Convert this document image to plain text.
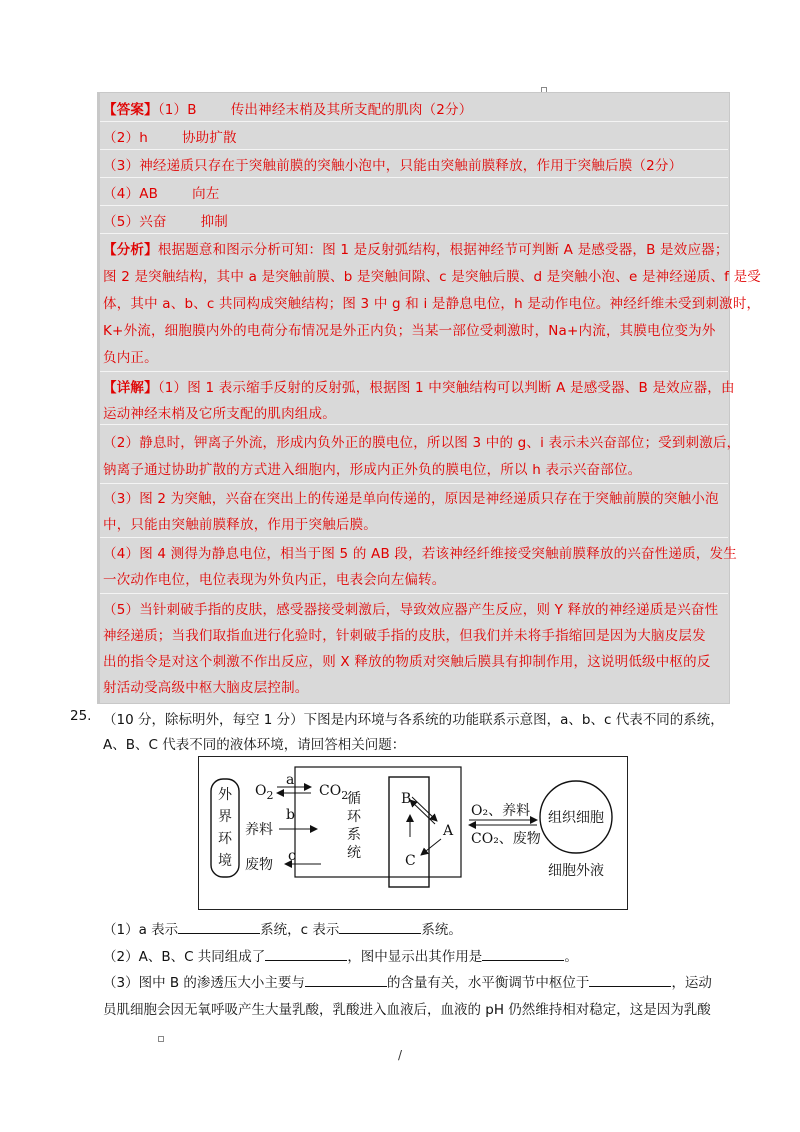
【答案】（1）B	传出神经末梢及其所支配的肌肉（2分）
（2）h	协助扩散
（3）神经递质只存在于突触前膜的突触小泡中，只能由突触前膜释放，作用于突触后膜（2分）
（4）AB	向左
（5）兴奋	抑制
【分析】根据题意和图示分析可知：图 1 是反射弧结构，根据神经节可判断 A 是感受器，B 是效应器；
图 2 是突触结构，其中 a 是突触前膜、b 是突触间隙、c 是突触后膜、d 是突触小泡、e 是神经递质、f 是受
体，其中 a、b、c 共同构成突触结构；图 3 中 g 和 i 是静息电位，h 是动作电位。神经纤维未受到刺激时，
K+外流，细胞膜内外的电荷分布情况是外正内负；当某一部位受刺激时，Na+内流，其膜电位变为外
负内正。
【详解】（1）图 1 表示缩手反射的反射弧，根据图 1 中突触结构可以判断 A 是感受器、B 是效应器，由
运动神经末梢及它所支配的肌肉组成。
（2）静息时，钾离子外流，形成内负外正的膜电位，所以图 3 中的 g、i 表示未兴奋部位；受到刺激后，
钠离子通过协助扩散的方式进入细胞内，形成内正外负的膜电位，所以 h 表示兴奋部位。
（3）图 2 为突触，兴奋在突出上的传递是单向传递的，原因是神经递质只存在于突触前膜的突触小泡
中，只能由突触前膜释放，作用于突触后膜。
（4）图 4 测得为静息电位，相当于图 5 的 AB 段，若该神经纤维接受突触前膜释放的兴奋性递质，发生
一次动作电位，电位表现为外负内正，电表会向左偏转。
（5）当针刺破手指的皮肤，感受器接受刺激后，导致效应器产生反应，则 Y 释放的神经递质是兴奋性
神经递质；当我们取指血进行化验时，针刺破手指的皮肤，但我们并未将手指缩回是因为大脑皮层发
出的指令是对这个刺激不作出反应，则 X 释放的物质对突触后膜具有抑制作用，这说明低级中枢的反
射活动受高级中枢大脑皮层控制。
25. （10 分，除标明外，每空 1 分）下图是内环境与各系统的功能联系示意图，a、b、c 代表不同的系统，
A、B、C 代表不同的液体环境，请回答相关问题：
外
界
环
境
$O_2$	$CO_2$
a
b
养料
c
废物
循
环
系
统
B
A
C
O₂、养料
CO₂、废物
组织细胞
细胞外液
（1）a 表示	系统，c 表示	系统。
（2）A、B、C 共同组成了	，图中显示出其作用是	。
（3）图中 B 的渗透压大小主要与	的含量有关，水平衡调节中枢位于	，运动
员肌细胞会因无氧呼吸产生大量乳酸，乳酸进入血液后，血液的 pH 仍然维持相对稳定，这是因为乳酸
/
